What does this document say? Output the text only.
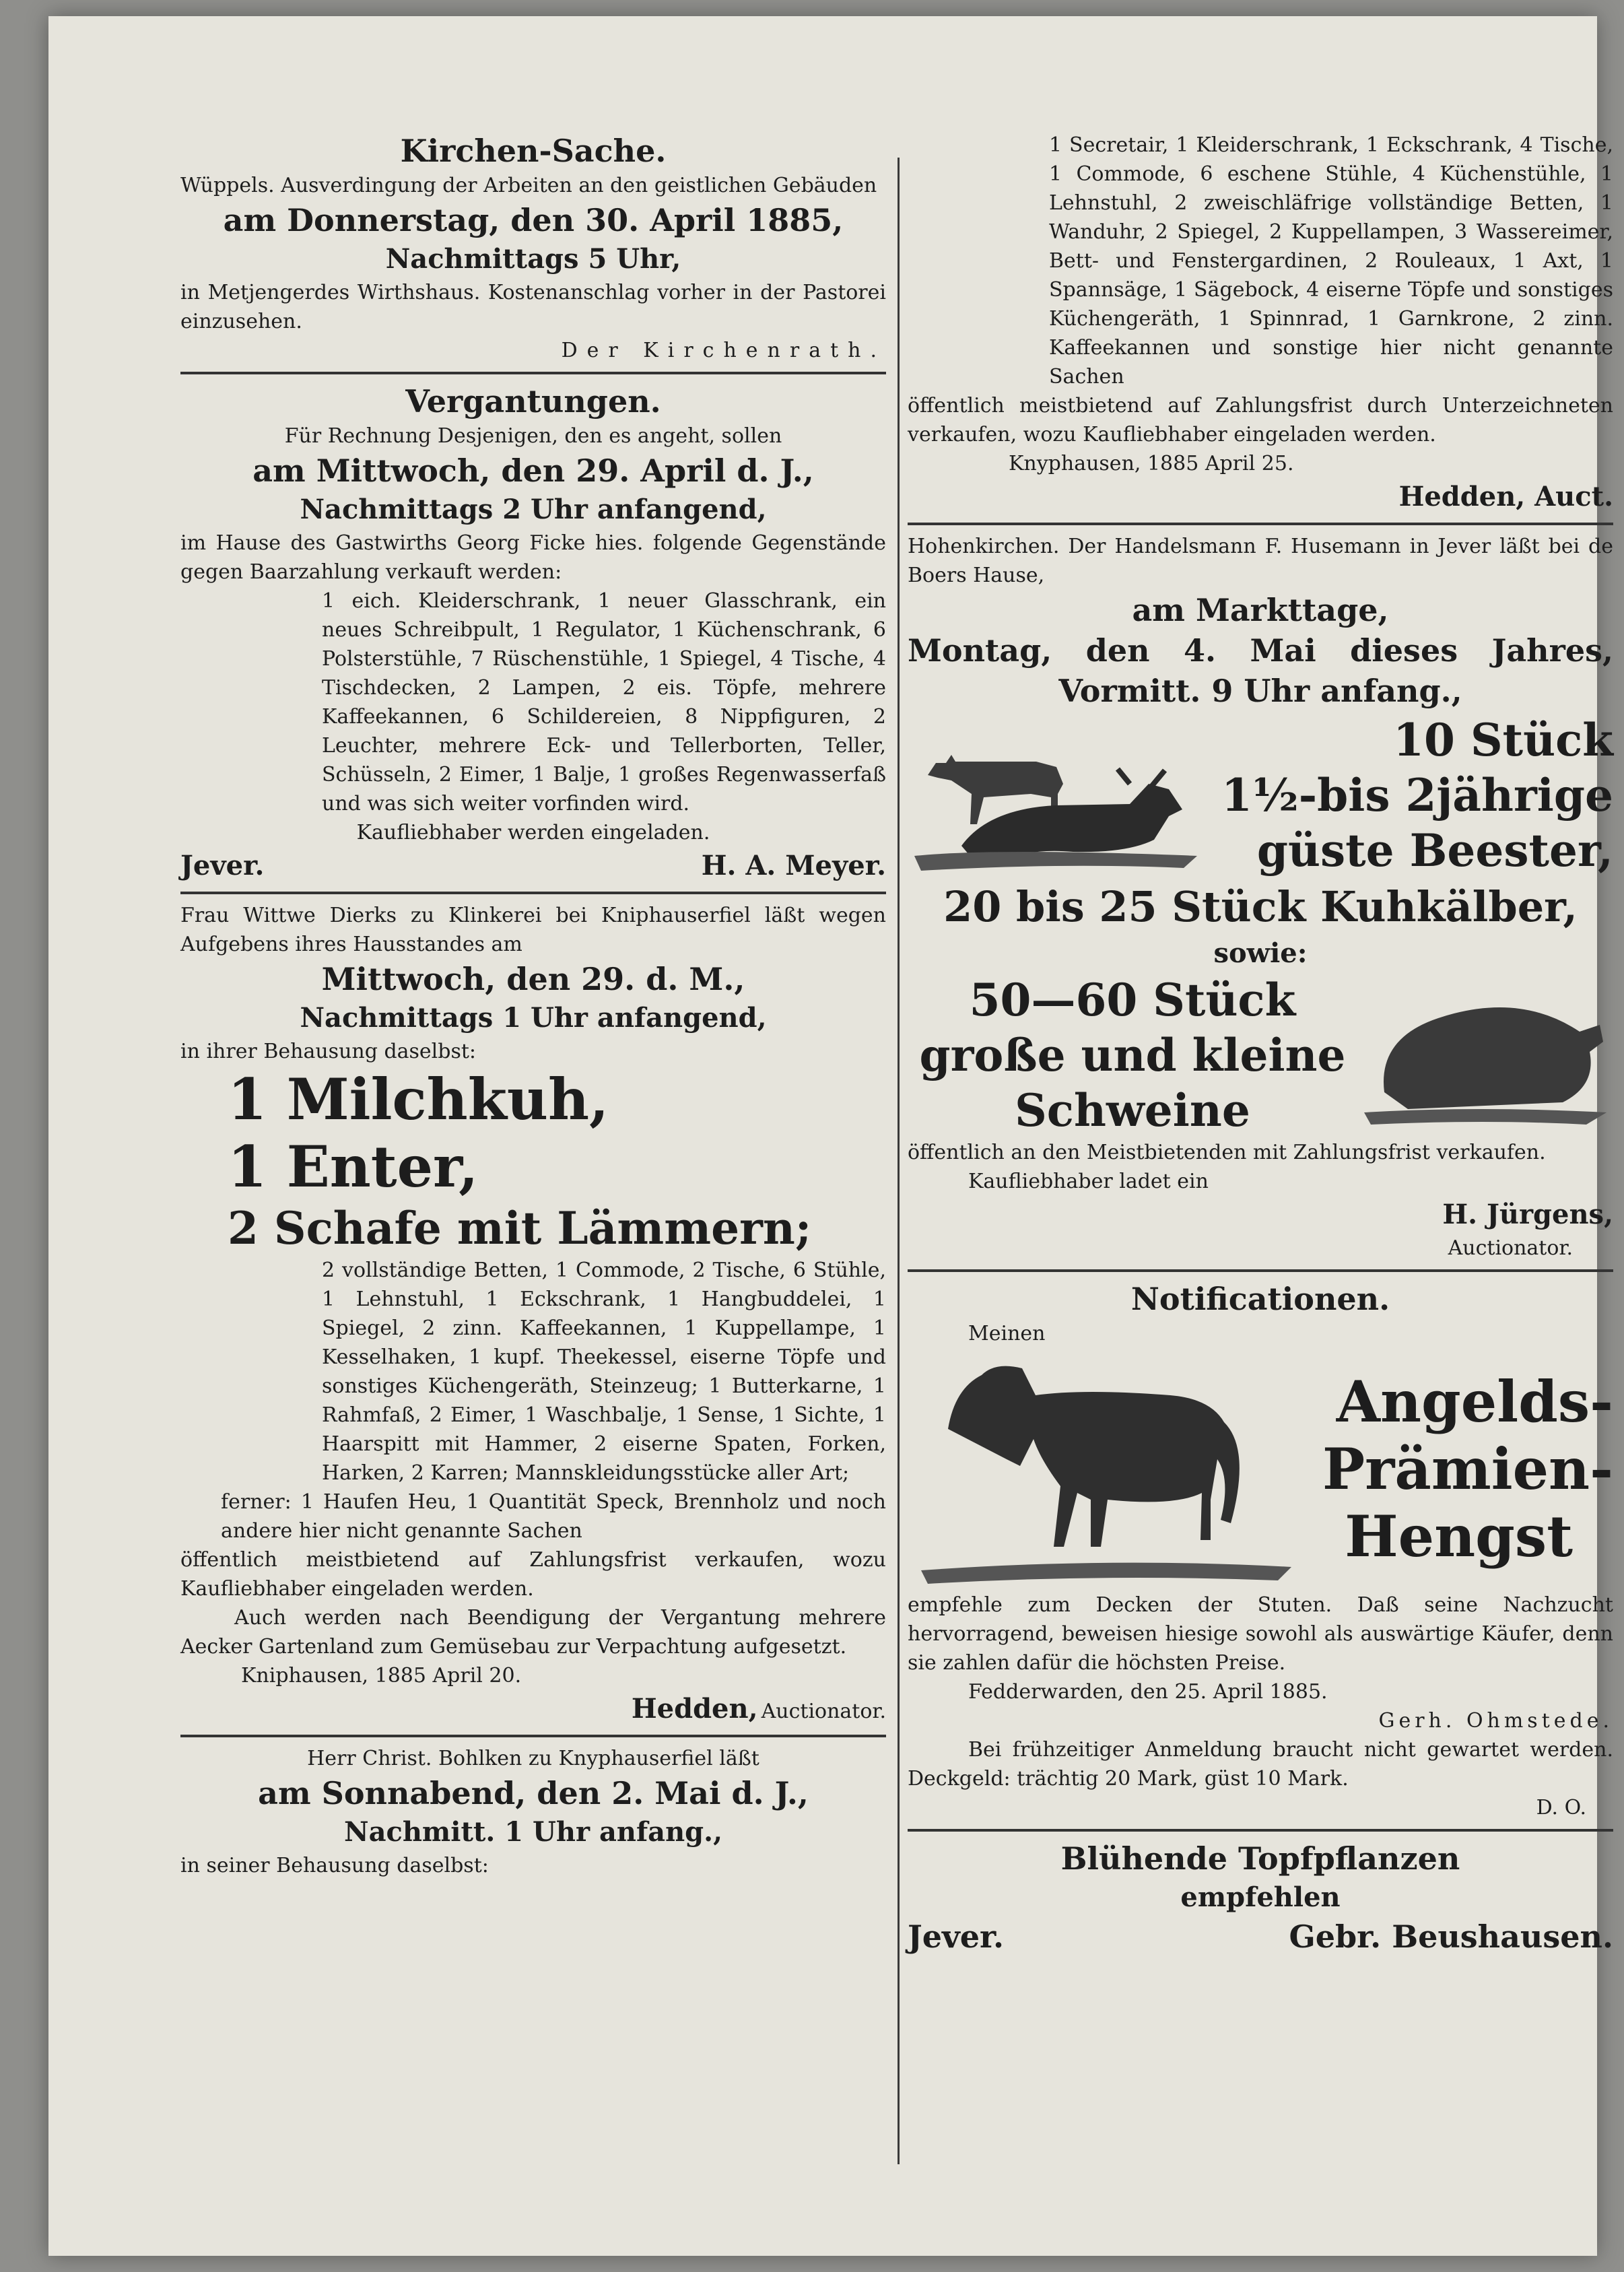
Kirchen-Sache.

Wüppels. Ausverdingung der Arbeiten an den geistlichen Gebäuden

am Donnerstag, den 30. April 1885,

Nachmittags 5 Uhr,

in Metjengerdes Wirthshaus. Kostenanschlag vorher in der Pastorei einzusehen.

Der Kirchenrath.

Vergantungen.

Für Rechnung Desjenigen, den es angeht, sollen

am Mittwoch, den 29. April d. J.,

Nachmittags 2 Uhr anfangend,

im Hause des Gastwirths Georg Ficke hies. folgende Gegenstände gegen Baarzahlung verkauft werden:

1 eich. Kleiderschrank, 1 neuer Glasschrank, ein neues Schreibpult, 1 Regulator, 1 Küchenschrank, 6 Polsterstühle, 7 Rüschenstühle, 1 Spiegel, 4 Tische, 4 Tischdecken, 2 Lampen, 2 eis. Töpfe, mehrere Kaffeekannen, 6 Schildereien, 8 Nippfiguren, 2 Leuchter, mehrere Eck- und Tellerborten, Teller, Schüsseln, 2 Eimer, 1 Balje, 1 großes Regenwasserfaß und was sich weiter vorfinden wird.

Kaufliebhaber werden eingeladen.

Jever.	H. A. Meyer.

Frau Wittwe Dierks zu Klinkerei bei Kniphauserfiel läßt wegen Aufgebens ihres Hausstandes am

Mittwoch, den 29. d. M.,

Nachmittags 1 Uhr anfangend,

in ihrer Behausung daselbst:

1 Milchkuh,

1 Enter,

2 Schafe mit Lämmern;

2 vollständige Betten, 1 Commode, 2 Tische, 6 Stühle, 1 Lehnstuhl, 1 Eckschrank, 1 Hangbuddelei, 1 Spiegel, 2 zinn. Kaffeekannen, 1 Kuppellampe, 1 Kesselhaken, 1 kupf. Theekessel, eiserne Töpfe und sonstiges Küchengeräth, Steinzeug; 1 Butterkarne, 1 Rahmfaß, 2 Eimer, 1 Waschbalje, 1 Sense, 1 Sichte, 1 Haarspitt mit Hammer, 2 eiserne Spaten, Forken, Harken, 2 Karren; Mannskleidungsstücke aller Art;

ferner: 1 Haufen Heu, 1 Quantität Speck, Brennholz und noch andere hier nicht genannte Sachen

öffentlich meistbietend auf Zahlungsfrist verkaufen, wozu Kaufliebhaber eingeladen werden.

Auch werden nach Beendigung der Vergantung mehrere Aecker Gartenland zum Gemüsebau zur Verpachtung aufgesetzt.

Kniphausen, 1885 April 20.

Hedden, Auctionator.

Herr Christ. Bohlken zu Knyphauserfiel läßt

am Sonnabend, den 2. Mai d. J.,

Nachmitt. 1 Uhr anfang.,

in seiner Behausung daselbst:

1 Secretair, 1 Kleiderschrank, 1 Eckschrank, 4 Tische, 1 Commode, 6 eschene Stühle, 4 Küchenstühle, 1 Lehnstuhl, 2 zweischläfrige vollständige Betten, 1 Wanduhr, 2 Spiegel, 2 Kuppellampen, 3 Wassereimer, Bett- und Fenstergardinen, 2 Rouleaux, 1 Axt, 1 Spannsäge, 1 Sägebock, 4 eiserne Töpfe und sonstiges Küchengeräth, 1 Spinnrad, 1 Garnkrone, 2 zinn. Kaffeekannen und sonstige hier nicht genannte Sachen

öffentlich meistbietend auf Zahlungsfrist durch Unterzeichneten verkaufen, wozu Kaufliebhaber eingeladen werden.

Knyphausen, 1885 April 25.

Hedden, Auct.

Hohenkirchen. Der Handelsmann F. Husemann in Jever läßt bei de Boers Hause,

am Markttage,

Montag, den 4. Mai dieses Jahres,

Vormitt. 9 Uhr anfang.,

10 Stück

1½-bis 2jährige

güste Beester,

20 bis 25 Stück Kuhkälber,

sowie:

50—60 Stück

große und kleine

Schweine

öffentlich an den Meistbietenden mit Zahlungsfrist verkaufen.

Kaufliebhaber ladet ein

H. Jürgens,

Auctionator.

Notificationen.

Meinen

Angelds-

Prämien-

Hengst

empfehle zum Decken der Stuten. Daß seine Nachzucht hervorragend, beweisen hiesige sowohl als auswärtige Käufer, denn sie zahlen dafür die höchsten Preise.

Fedderwarden, den 25. April 1885.

Gerh. Ohmstede.

Bei frühzeitiger Anmeldung braucht nicht gewartet werden. Deckgeld: trächtig 20 Mark, güst 10 Mark.

D. O.

Blühende Topfpflanzen

empfehlen

Jever.	Gebr. Beushausen.
